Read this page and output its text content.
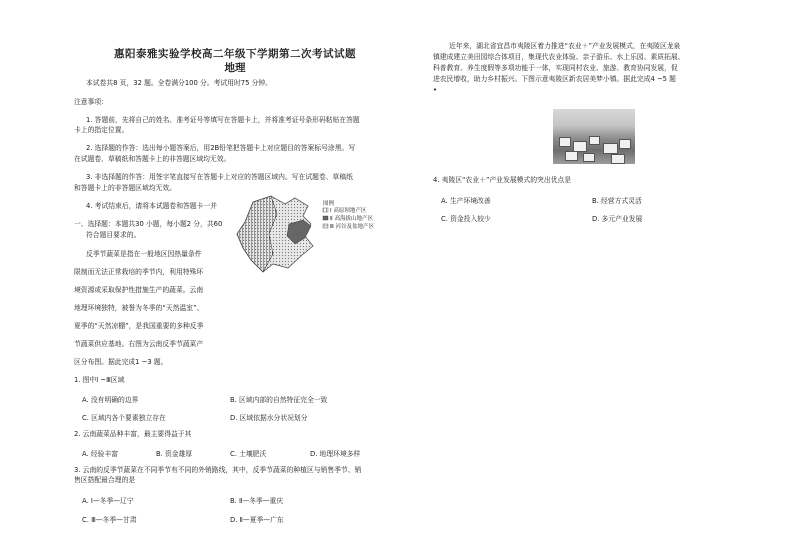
惠阳泰雅实验学校高二年级下学期第二次考试试题
地理
本试卷共8 页，32 题。全卷满分100 分。考试用时75 分钟。
注意事项：
1. 答题前，先将自己的姓名、准考证号等填写在答题卡上，并将准考证号条形码粘贴在答题
卡上的指定位置。
2. 选择题的作答：选出每小题答案后，用2B铅笔把答题卡上对应题目的答案标号涂黑。写
在试题卷、草稿纸和答题卡上的非答题区域均无效。
3. 非选择题的作答：用签字笔直接写在答题卡上对应的答题区域内。写在试题卷、草稿纸
和答题卡上的非答题区域均无效。
4. 考试结束后，请将本试题卷和答题卡一并
一、选择题：本题共30 小题，每小题2 分，共60
符合题目要求的。
反季节蔬菜是指在一般地区因热量条件
限制而无法正常栽培的季节内，利用特殊环
境资源或采取保护性措施生产的蔬菜。云南
地理环境独特，被誉为冬季的“天然温室”、
夏季的“天然凉棚”，是我国重要的多种反季
节蔬菜供应基地。右图为云南反季节蔬菜产
区分布图。据此完成1 ~3 题。
图例
Ⅰ 高原坝地产区
Ⅱ 高海拔山地产区
Ⅲ 河谷及盆地产区
1. 图中Ⅰ ~Ⅲ区域
A. 没有明确的边界	B. 区域内部的自然特征完全一致
C. 区域内各个要素独立存在	D. 区域依据水分状况划分
2. 云南蔬菜品种丰富，最主要得益于其
A. 经验丰富	B. 资金雄厚	C. 土壤肥沃	D. 地理环境多样
3. 云南的反季节蔬菜在不同季节有不同的外销路线，其中，反季节蔬菜的种植区与销售季节、销
售区搭配最合理的是
A. Ⅰ—冬季—辽宁	B. Ⅱ—冬季—重庆
C. Ⅲ—冬季—甘肃	D. Ⅱ—夏季—广东
近年来，湖北省宜昌市夷陵区着力推进“农业＋”产业发展模式，在夷陵区龙泉
镇建成建立美田园综合体项目，集现代农业体验、亲子游乐、水上乐园、素质拓展、
科普教育、养生度假等多项功能于一体，实现同村农业、旅游、教育协同发展，促
进农民增收，助力乡村振兴。下图示意夷陵区新农居美梦小镇。据此完成4 ~5 题
•
4. 夷陵区“农业＋”产业发展模式的突出优点是
A. 生产环境改善	B. 经营方式灵活
C. 资金投入较少	D. 多元产业发展
